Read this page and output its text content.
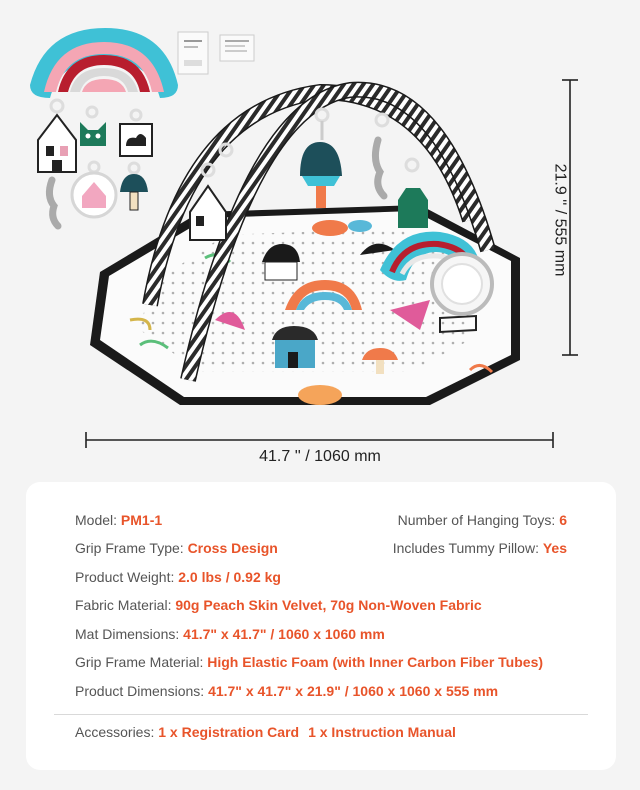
21.9 '' / 555 mm
41.7 '' / 1060 mm
Model: PM1-1	Number of Hanging Toys: 6
Grip Frame Type: Cross Design	Includes Tummy Pillow: Yes
Product Weight: 2.0 lbs / 0.92 kg
Fabric Material: 90g Peach Skin Velvet, 70g Non-Woven Fabric
Mat Dimensions: 41.7" x 41.7" / 1060 x 1060 mm
Grip Frame Material: High Elastic Foam (with Inner Carbon Fiber Tubes)
Product Dimensions: 41.7" x 41.7" x 21.9" / 1060 x 1060 x 555 mm
Accessories: 1 x Registration Card 1 x Instruction Manual
